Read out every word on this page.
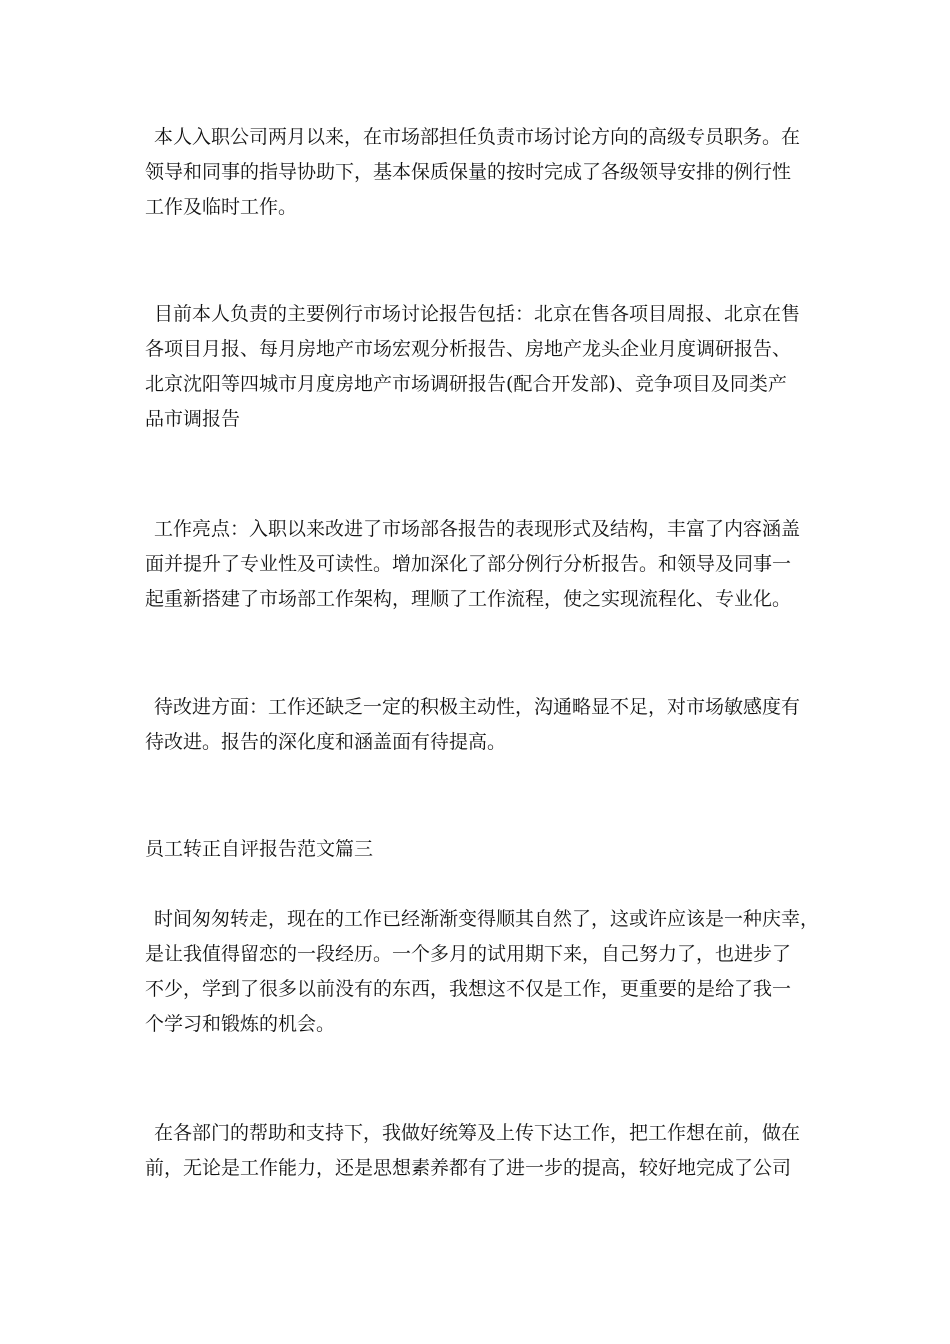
本人入职公司两月以来，在市场部担任负责市场讨论方向的高级专员职务。在
领导和同事的指导协助下，基本保质保量的按时完成了各级领导安排的例行性
工作及临时工作。
目前本人负责的主要例行市场讨论报告包括：北京在售各项目周报、北京在售
各项目月报、每月房地产市场宏观分析报告、房地产龙头企业月度调研报告、
北京沈阳等四城市月度房地产市场调研报告(配合开发部)、竞争项目及同类产
品市调报告
工作亮点：入职以来改进了市场部各报告的表现形式及结构，丰富了内容涵盖
面并提升了专业性及可读性。增加深化了部分例行分析报告。和领导及同事一
起重新搭建了市场部工作架构，理顺了工作流程，使之实现流程化、专业化。
待改进方面：工作还缺乏一定的积极主动性，沟通略显不足，对市场敏感度有
待改进。报告的深化度和涵盖面有待提高。
员工转正自评报告范文篇三
时间匆匆转走，现在的工作已经渐渐变得顺其自然了，这或许应该是一种庆幸，
是让我值得留恋的一段经历。一个多月的试用期下来，自己努力了，也进步了
不少，学到了很多以前没有的东西，我想这不仅是工作，更重要的是给了我一
个学习和锻炼的机会。
在各部门的帮助和支持下，我做好统筹及上传下达工作，把工作想在前，做在
前，无论是工作能力，还是思想素养都有了进一步的提高，较好地完成了公司
